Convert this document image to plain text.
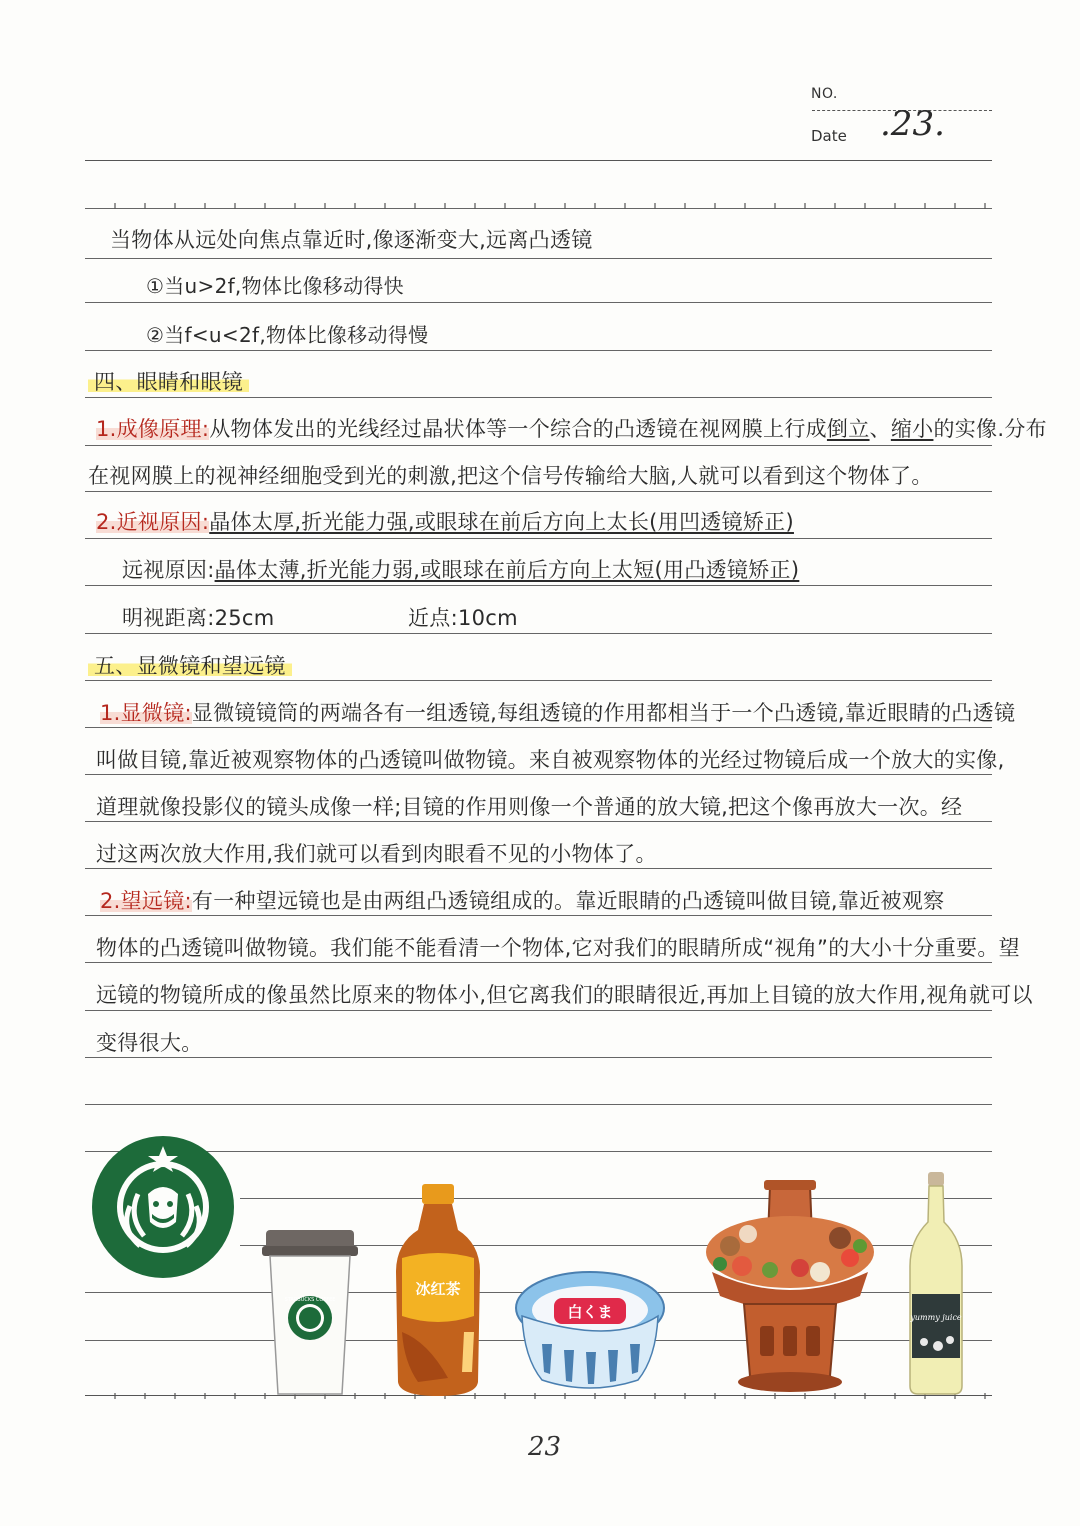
NO.
Date .23.
当物体从远处向焦点靠近时,像逐渐变大,远离凸透镜
①当u>2f,物体比像移动得快
②当f<u<2f,物体比像移动得慢
四、眼睛和眼镜
1.成像原理:从物体发出的光线经过晶状体等一个综合的凸透镜在视网膜上行成倒立、缩小的实像.分布
在视网膜上的视神经细胞受到光的刺激,把这个信号传输给大脑,人就可以看到这个物体了。
2.近视原因:晶体太厚,折光能力强,或眼球在前后方向上太长(用凹透镜矫正)
远视原因:晶体太薄,折光能力弱,或眼球在前后方向上太短(用凸透镜矫正)
明视距离:25cm	近点:10cm
五、显微镜和望远镜
1.显微镜:显微镜镜筒的两端各有一组透镜,每组透镜的作用都相当于一个凸透镜,靠近眼睛的凸透镜
叫做目镜,靠近被观察物体的凸透镜叫做物镜。来自被观察物体的光经过物镜后成一个放大的实像,
道理就像投影仪的镜头成像一样;目镜的作用则像一个普通的放大镜,把这个像再放大一次。经
过这两次放大作用,我们就可以看到肉眼看不见的小物体了。
2.望远镜:有一种望远镜也是由两组凸透镜组成的。靠近眼睛的凸透镜叫做目镜,靠近被观察
物体的凸透镜叫做物镜。我们能不能看清一个物体,它对我们的眼睛所成“视角”的大小十分重要。望
远镜的物镜所成的像虽然比原来的物体小,但它离我们的眼睛很近,再加上目镜的放大作用,视角就可以
变得很大。
STARBUCKS COFFEE
冰红茶
白くま	yummy juice
23
